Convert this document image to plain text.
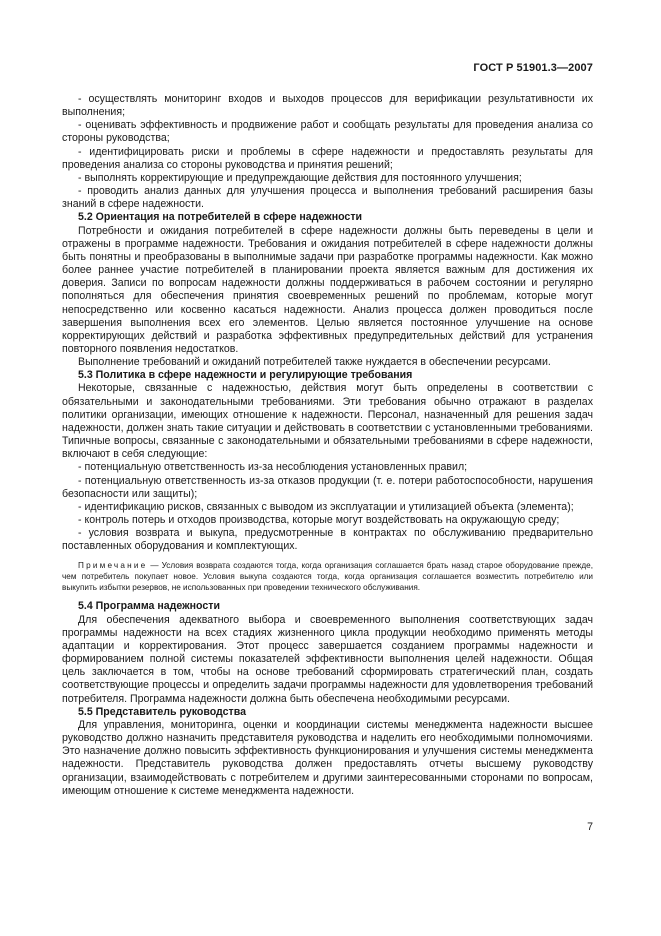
ГОСТ Р 51901.3—2007

- осуществлять мониторинг входов и выходов процессов для верификации результативности их выполнения;

- оценивать эффективность и продвижение работ и сообщать результаты для проведения анализа со стороны руководства;

- идентифицировать риски и проблемы в сфере надежности и предоставлять результаты для проведения анализа со стороны руководства и принятия решений;

- выполнять корректирующие и предупреждающие действия для постоянного улучшения;

- проводить анализ данных для улучшения процесса и выполнения требований расширения базы знаний в сфере надежности.

5.2 Ориентация на потребителей в сфере надежности

Потребности и ожидания потребителей в сфере надежности должны быть переведены в цели и отражены в программе надежности. Требования и ожидания потребителей в сфере надежности должны быть понятны и преобразованы в выполнимые задачи при разработке программы надежности. Как можно более раннее участие потребителей в планировании проекта является важным для достижения их доверия. Записи по вопросам надежности должны поддерживаться в рабочем состоянии и регулярно пополняться для обеспечения принятия своевременных решений по проблемам, которые могут непосредственно или косвенно касаться надежности. Анализ процесса должен проводиться после завершения выполнения всех его элементов. Целью является постоянное улучшение на основе корректирующих действий и разработка эффективных предупредительных действий для устранения повторного появления недостатков.

Выполнение требований и ожиданий потребителей также нуждается в обеспечении ресурсами.

5.3 Политика в сфере надежности и регулирующие требования

Некоторые, связанные с надежностью, действия могут быть определены в соответствии с обязательными и законодательными требованиями. Эти требования обычно отражают в разделах политики организации, имеющих отношение к надежности. Персонал, назначенный для решения задач надежности, должен знать такие ситуации и действовать в соответствии с установленными требованиями. Типичные вопросы, связанные с законодательными и обязательными требованиями в сфере надежности, включают в себя следующие:

- потенциальную ответственность из-за несоблюдения установленных правил;

- потенциальную ответственность из-за отказов продукции (т. е. потери работоспособности, нарушения безопасности или защиты);

- идентификацию рисков, связанных с выводом из эксплуатации и утилизацией объекта (элемента);

- контроль потерь и отходов производства, которые могут воздействовать на окружающую среду;

- условия возврата и выкупа, предусмотренные в контрактах по обслуживанию предварительно поставленных оборудования и комплектующих.

Примечание — Условия возврата создаются тогда, когда организация соглашается брать назад старое оборудование прежде, чем потребитель покупает новое. Условия выкупа создаются тогда, когда организация соглашается возместить потребителю или выкупить избытки резервов, не использованных при проведении технического обслуживания.

5.4 Программа надежности

Для обеспечения адекватного выбора и своевременного выполнения соответствующих задач программы надежности на всех стадиях жизненного цикла продукции необходимо применять методы адаптации и корректирования. Этот процесс завершается созданием программы надежности и формированием полной системы показателей эффективности выполнения целей надежности. Общая цель заключается в том, чтобы на основе требований сформировать стратегический план, создать соответствующие процессы и определить задачи программы надежности для удовлетворения требований потребителя. Программа надежности должна быть обеспечена необходимыми ресурсами.

5.5 Представитель руководства

Для управления, мониторинга, оценки и координации системы менеджмента надежности высшее руководство должно назначить представителя руководства и наделить его необходимыми полномочиями. Это назначение должно повысить эффективность функционирования и улучшения системы менеджмента надежности. Представитель руководства должен предоставлять отчеты высшему руководству организации, взаимодействовать с потребителем и другими заинтересованными сторонами по вопросам, имеющим отношение к системе менеджмента надежности.

7
